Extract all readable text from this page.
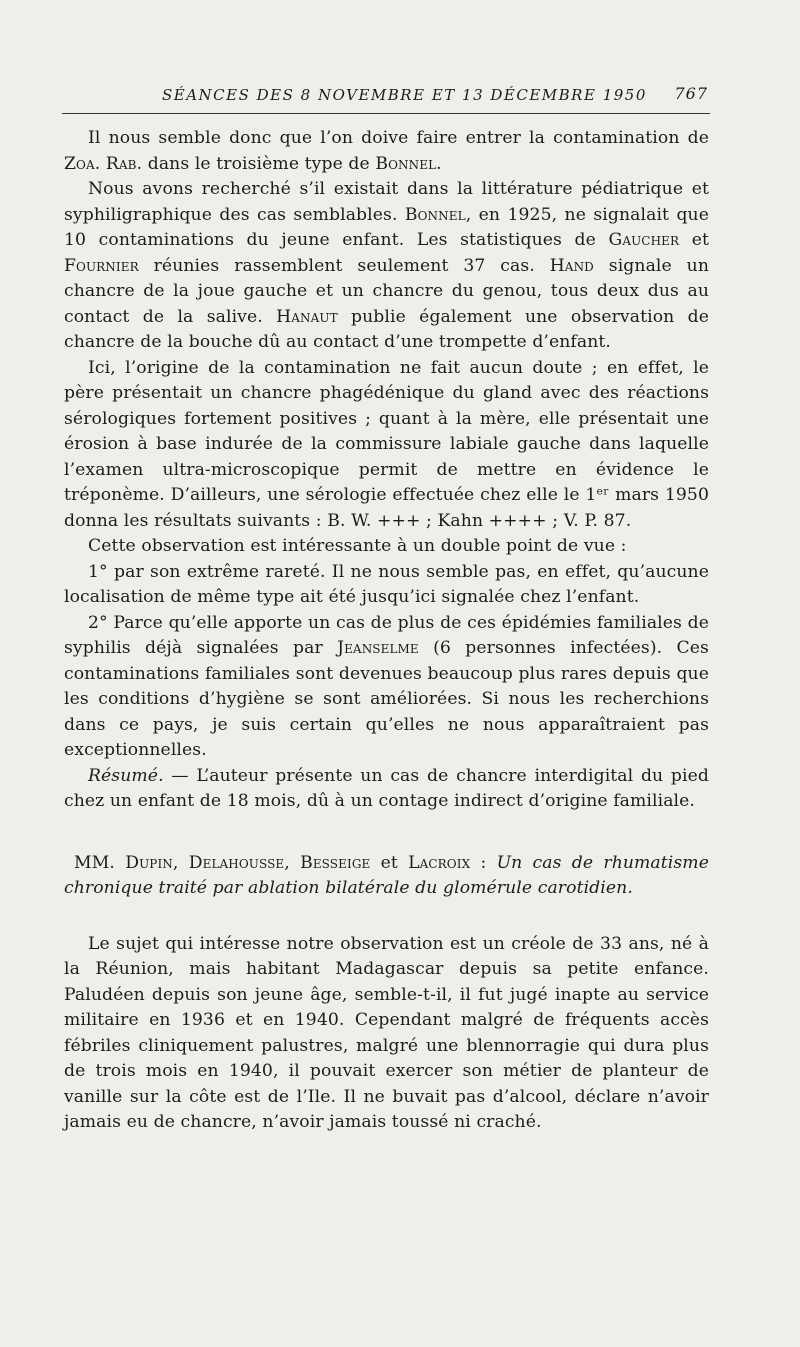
SÉANCES DES 8 NOVEMBRE ET 13 DÉCEMBRE 1950 767

Il nous semble donc que l’on doive faire entrer la contamination de Zoa. Rab. dans le troisième type de Bonnel.

Nous avons recherché s’il existait dans la littérature pédiatrique et syphiligraphique des cas semblables. Bonnel, en 1925, ne signalait que 10 contaminations du jeune enfant. Les statistiques de Gaucher et Fournier réunies rassemblent seulement 37 cas. Hand signale un chancre de la joue gauche et un chancre du genou, tous deux dus au contact de la salive. Hanaut publie également une observation de chancre de la bouche dû au contact d’une trompette d’enfant.

Ici, l’origine de la contamination ne fait aucun doute ; en effet, le père présentait un chancre phagédénique du gland avec des réactions sérologiques fortement positives ; quant à la mère, elle présentait une érosion à base indurée de la commissure labiale gauche dans laquelle l’examen ultra-microscopique permit de mettre en évidence le tréponème. D’ailleurs, une sérologie effectuée chez elle le 1ᵉʳ mars 1950 donna les résultats suivants : B. W. +++ ; Kahn ++++ ; V. P. 87.

Cette observation est intéressante à un double point de vue :

1° par son extrême rareté. Il ne nous semble pas, en effet, qu’aucune localisation de même type ait été jusqu’ici signalée chez l’enfant.

2° Parce qu’elle apporte un cas de plus de ces épidémies familiales de syphilis déjà signalées par Jeanselme (6 personnes infectées). Ces contaminations familiales sont devenues beaucoup plus rares depuis que les conditions d’hygiène se sont améliorées. Si nous les recherchions dans ce pays, je suis certain qu’elles ne nous apparaîtraient pas exceptionnelles.

Résumé. — L’auteur présente un cas de chancre interdigital du pied chez un enfant de 18 mois, dû à un contage indirect d’origine familiale.

MM. Dupin, Delahousse, Besseige et Lacroix : Un cas de rhumatisme chronique traité par ablation bilatérale du glomérule carotidien.

Le sujet qui intéresse notre observation est un créole de 33 ans, né à la Réunion, mais habitant Madagascar depuis sa petite enfance. Paludéen depuis son jeune âge, semble-t-il, il fut jugé inapte au service militaire en 1936 et en 1940. Cependant malgré de fréquents accès fébriles cliniquement palustres, malgré une blennorragie qui dura plus de trois mois en 1940, il pouvait exercer son métier de planteur de vanille sur la côte est de l’Ile. Il ne buvait pas d’alcool, déclare n’avoir jamais eu de chancre, n’avoir jamais toussé ni craché.
